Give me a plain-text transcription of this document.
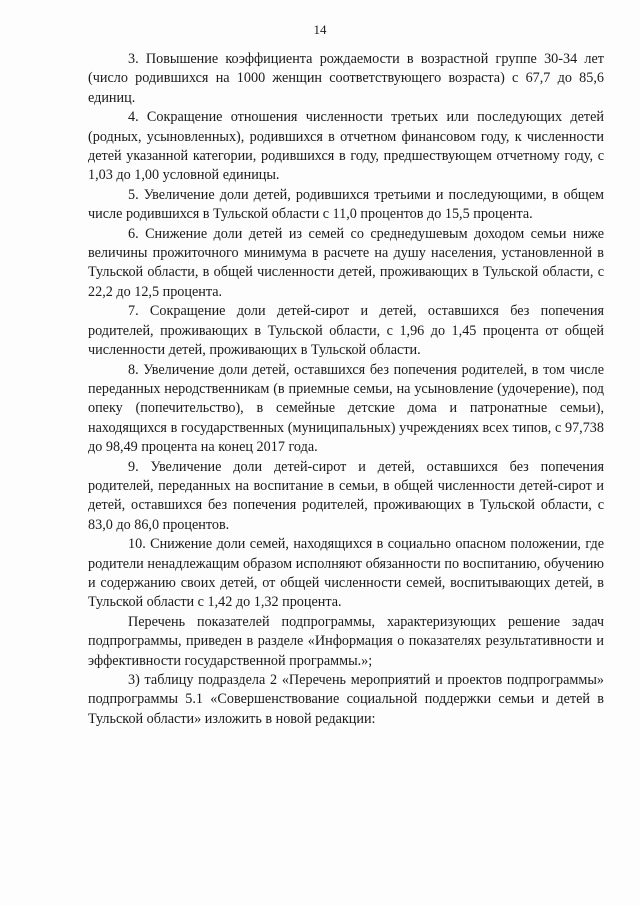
14

3. Повышение коэффициента рождаемости в возрастной группе 30-34 лет (число родившихся на 1000 женщин соответствующего возраста) с 67,7 до 85,6 единиц.

4. Сокращение отношения численности третьих или последующих детей (родных, усыновленных), родившихся в отчетном финансовом году, к численности детей указанной категории, родившихся в году, предшествующем отчетному году, с 1,03 до 1,00 условной единицы.

5. Увеличение доли детей, родившихся третьими и последующими, в общем числе родившихся в Тульской области с 11,0 процентов до 15,5 процента.

6. Снижение доли детей из семей со среднедушевым доходом семьи ниже величины прожиточного минимума в расчете на душу населения, установленной в Тульской области, в общей численности детей, проживающих в Тульской области, с 22,2 до 12,5 процента.

7. Сокращение доли детей-сирот и детей, оставшихся без попечения родителей, проживающих в Тульской области, с 1,96 до 1,45 процента от общей численности детей, проживающих в Тульской области.

8. Увеличение доли детей, оставшихся без попечения родителей, в том числе переданных неродственникам (в приемные семьи, на усыновление (удочерение), под опеку (попечительство), в семейные детские дома и патронатные семьи), находящихся в государственных (муниципальных) учреждениях всех типов, с 97,738 до 98,49 процента на конец 2017 года.

9. Увеличение доли детей-сирот и детей, оставшихся без попечения родителей, переданных на воспитание в семьи, в общей численности детей-сирот и детей, оставшихся без попечения родителей, проживающих в Тульской области, с 83,0 до 86,0 процентов.

10. Снижение доли семей, находящихся в социально опасном положении, где родители ненадлежащим образом исполняют обязанности по воспитанию, обучению и содержанию своих детей, от общей численности семей, воспитывающих детей, в Тульской области с 1,42 до 1,32 процента.

Перечень показателей подпрограммы, характеризующих решение задач подпрограммы, приведен в разделе «Информация о показателях результативности и эффективности государственной программы.»;

3) таблицу подраздела 2 «Перечень мероприятий и проектов подпрограммы» подпрограммы 5.1 «Совершенствование социальной поддержки семьи и детей в Тульской области» изложить в новой редакции:
